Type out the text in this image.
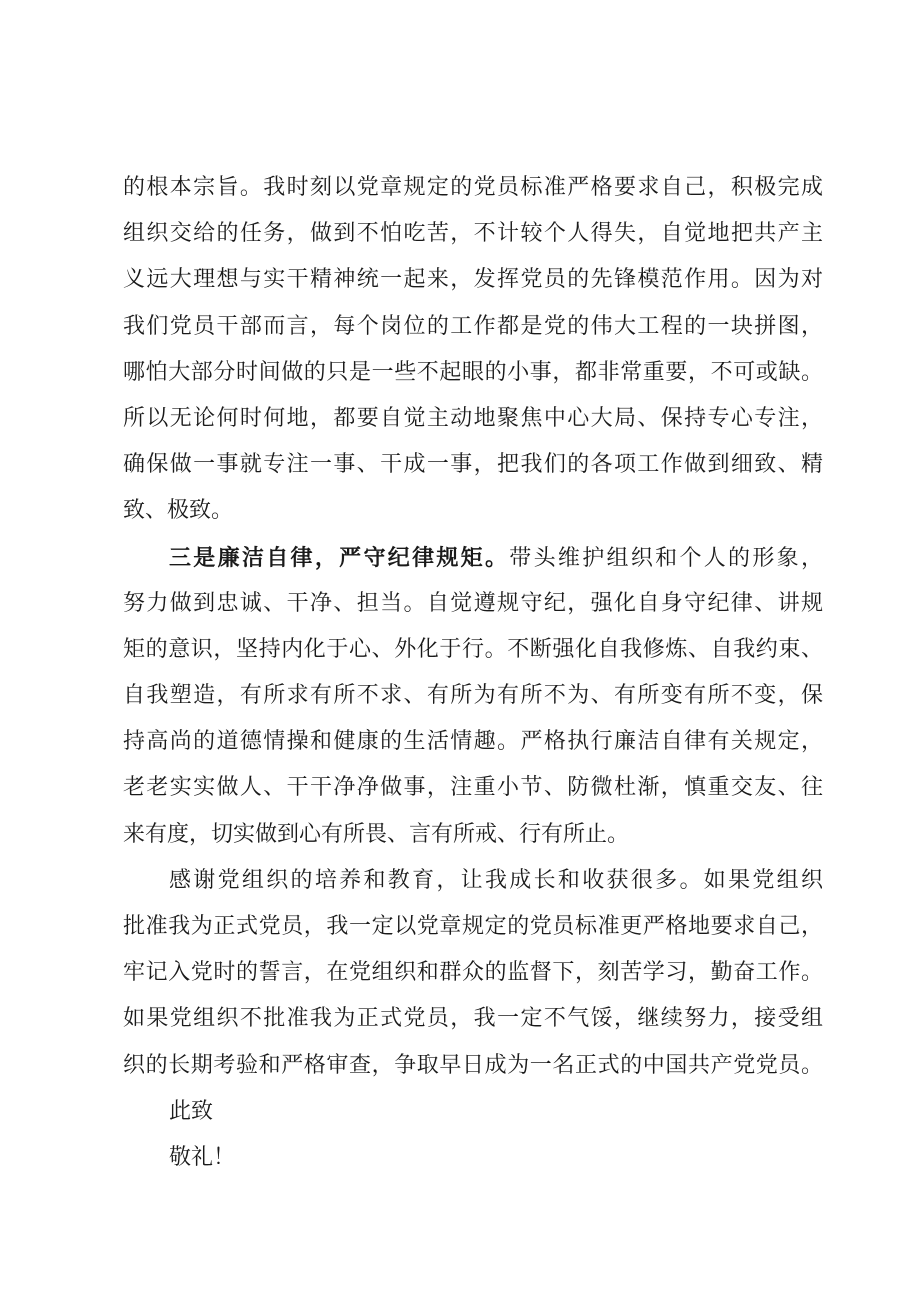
的根本宗旨。我时刻以党章规定的党员标准严格要求自己，积极完成
组织交给的任务，做到不怕吃苦，不计较个人得失，自觉地把共产主
义远大理想与实干精神统一起来，发挥党员的先锋模范作用。因为对
我们党员干部而言，每个岗位的工作都是党的伟大工程的一块拼图，
哪怕大部分时间做的只是一些不起眼的小事，都非常重要，不可或缺。
所以无论何时何地，都要自觉主动地聚焦中心大局、保持专心专注，
确保做一事就专注一事、干成一事，把我们的各项工作做到细致、精
致、极致。
三是廉洁自律，严守纪律规矩。带头维护组织和个人的形象，
努力做到忠诚、干净、担当。自觉遵规守纪，强化自身守纪律、讲规
矩的意识，坚持内化于心、外化于行。不断强化自我修炼、自我约束、
自我塑造，有所求有所不求、有所为有所不为、有所变有所不变，保
持高尚的道德情操和健康的生活情趣。严格执行廉洁自律有关规定，
老老实实做人、干干净净做事，注重小节、防微杜渐，慎重交友、往
来有度，切实做到心有所畏、言有所戒、行有所止。
感谢党组织的培养和教育，让我成长和收获很多。如果党组织
批准我为正式党员，我一定以党章规定的党员标准更严格地要求自己，
牢记入党时的誓言，在党组织和群众的监督下，刻苦学习，勤奋工作。
如果党组织不批准我为正式党员，我一定不气馁，继续努力，接受组
织的长期考验和严格审查，争取早日成为一名正式的中国共产党党员。
此致
敬礼！
